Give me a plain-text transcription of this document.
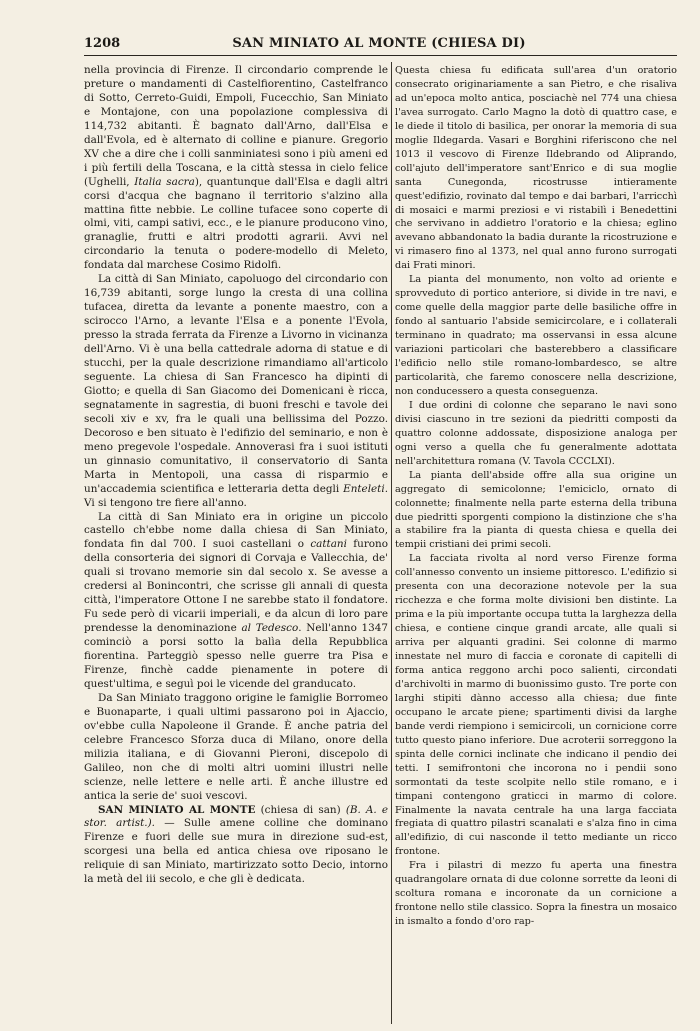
1208	SAN MINIATO AL MONTE (CHIESA DI)

nella provincia di Firenze. Il circondario comprende le preture o mandamenti di Castelfiorentino, Castelfranco di Sotto, Cerreto-Guidi, Empoli, Fucecchio, San Miniato e Montajone, con una popolazione complessiva di 114,732 abitanti. È bagnato dall'Arno, dall'Elsa e dall'Evola, ed è alternato di colline e pianure. Gregorio XV che a dire che i colli sanminiatesi sono i più ameni ed i più fertili della Toscana, e la città stessa in cielo felice (Ughelli, Italia sacra), quantunque dall'Elsa e dagli altri corsi d'acqua che bagnano il territorio s'alzino alla mattina fitte nebbie. Le colline tufacee sono coperte di olmi, viti, campi sativi, ecc., e le pianure producono vino, granaglie, frutti e altri prodotti agrarii. Avvi nel circondario la tenuta o podere-modello di Meleto, fondata dal marchese Cosimo Ridolfi.

La città di San Miniato, capoluogo del circondario con 16,739 abitanti, sorge lungo la cresta di una collina tufacea, diretta da levante a ponente maestro, con a scirocco l'Arno, a levante l'Elsa e a ponente l'Evola, presso la strada ferrata da Firenze a Livorno in vicinanza dell'Arno. Vi è una bella cattedrale adorna di statue e di stucchi, per la quale descrizione rimandiamo all'articolo seguente. La chiesa di San Francesco ha dipinti di Giotto; e quella di San Giacomo dei Domenicani è ricca, segnatamente in sagrestia, di buoni freschi e tavole dei secoli xiv e xv, fra le quali una bellissima del Pozzo. Decoroso e ben situato è l'edifizio del seminario, e non è meno pregevole l'ospedale. Annoverasi fra i suoi istituti un ginnasio comunitativo, il conservatorio di Santa Marta in Mentopoli, una cassa di risparmio e un'accademia scientifica e letteraria detta degli Enteleti. Vi si tengono tre fiere all'anno.

La città di San Miniato era in origine un piccolo castello ch'ebbe nome dalla chiesa di San Miniato, fondata fin dal 700. I suoi castellani o cattani furono della consorteria dei signori di Corvaja e Vallecchia, de' quali si trovano memorie sin dal secolo x. Se avesse a credersi al Bonincontri, che scrisse gli annali di questa città, l'imperatore Ottone I ne sarebbe stato il fondatore. Fu sede però di vicarii imperiali, e da alcun di loro pare prendesse la denominazione al Tedesco. Nell'anno 1347 cominciò a porsi sotto la balìa della Repubblica fiorentina. Parteggiò spesso nelle guerre tra Pisa e Firenze, finchè cadde pienamente in potere di quest'ultima, e seguì poi le vicende del granducato.

Da San Miniato traggono origine le famiglie Borromeo e Buonaparte, i quali ultimi passarono poi in Ajaccio, ov'ebbe culla Napoleone il Grande. È anche patria del celebre Francesco Sforza duca di Milano, onore della milizia italiana, e di Giovanni Pieroni, discepolo di Galileo, non che di molti altri uomini illustri nelle scienze, nelle lettere e nelle arti. È anche illustre ed antica la serie de' suoi vescovi.

SAN MINIATO AL MONTE (chiesa di san) (B. A. e stor. artist.). — Sulle amene colline che dominano Firenze e fuori delle sue mura in direzione sud-est, scorgesi una bella ed antica chiesa ove riposano le reliquie di san Miniato, martirizzato sotto Decio, intorno la metà del iii secolo, e che gli è dedicata.

Questa chiesa fu edificata sull'area d'un oratorio consecrato originariamente a san Pietro, e che risaliva ad un'epoca molto antica, posciachè nel 774 una chiesa l'avea surrogato. Carlo Magno la dotò di quattro case, e le diede il titolo di basilica, per onorar la memoria di sua moglie Ildegarda. Vasari e Borghini riferiscono che nel 1013 il vescovo di Firenze Ildebrando od Aliprando, coll'ajuto dell'imperatore sant'Enrico e di sua moglie santa Cunegonda, ricostrusse intieramente quest'edifizio, rovinato dal tempo e dai barbari, l'arricchì di mosaici e marmi preziosi e vi ristabilì i Benedettini che servivano in addietro l'oratorio e la chiesa; eglino avevano abbandonato la badia durante la ricostruzione e vi rimasero fino al 1373, nel qual anno furono surrogati dai Frati minori.

La pianta del monumento, non volto ad oriente e sprovveduto di portico anteriore, si divide in tre navi, e come quelle della maggior parte delle basiliche offre in fondo al santuario l'abside semicircolare, e i collaterali terminano in quadrato; ma osservansi in essa alcune variazioni particolari che basterebbero a classificare l'edificio nello stile romano-lombardesco, se altre particolarità, che faremo conoscere nella descrizione, non conducessero a questa conseguenza.

I due ordini di colonne che separano le navi sono divisi ciascuno in tre sezioni da piedritti composti da quattro colonne addossate, disposizione analoga per ogni verso a quella che fu generalmente adottata nell'architettura romana (V. Tavola CCCLXI).

La pianta dell'abside offre alla sua origine un aggregato di semicolonne; l'emiciclo, ornato di colonnette; finalmente nella parte esterna della tribuna due piedritti sporgenti compiono la distinzione che s'ha a stabilire fra la pianta di questa chiesa e quella dei tempii cristiani dei primi secoli.

La facciata rivolta al nord verso Firenze forma coll'annesso convento un insieme pittoresco. L'edifizio si presenta con una decorazione notevole per la sua ricchezza e che forma molte divisioni ben distinte. La prima e la più importante occupa tutta la larghezza della chiesa, e contiene cinque grandi arcate, alle quali si arriva per alquanti gradini. Sei colonne di marmo innestate nel muro di faccia e coronate di capitelli di forma antica reggono archi poco salienti, circondati d'archivolti in marmo di buonissimo gusto. Tre porte con larghi stipiti dànno accesso alla chiesa; due finte occupano le arcate piene; spartimenti divisi da larghe bande verdi riempiono i semicircoli, un cornicione corre tutto questo piano inferiore. Due acroterii sorreggono la spinta delle cornici inclinate che indicano il pendio dei tetti. I semifrontoni che incorona no i pendii sono sormontati da teste scolpite nello stile romano, e i timpani contengono graticci in marmo di colore. Finalmente la navata centrale ha una larga facciata fregiata di quattro pilastri scanalati e s'alza fino in cima all'edifizio, di cui nasconde il tetto mediante un ricco frontone.

Fra i pilastri di mezzo fu aperta una finestra quadrangolare ornata di due colonne sorrette da leoni di scoltura romana e incoronate da un cornicione a frontone nello stile classico. Sopra la finestra un mosaico in ismalto a fondo d'oro rap-
